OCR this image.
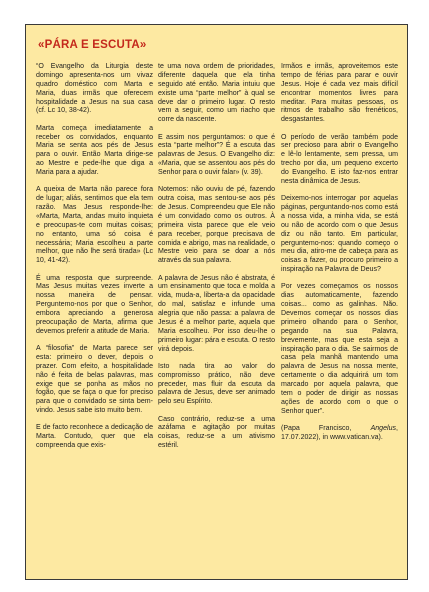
«PÁRA E ESCUTA»

“O Evangelho da Liturgia deste domingo apresenta-nos um vivaz quadro doméstico com Marta e Maria, duas irmãs que oferecem hospitalidade a Jesus na sua casa (cf. Lc 10, 38-42).

Marta começa imediatamente a receber os convidados, enquanto Maria se senta aos pés de Jesus para o ouvir. Então Marta dirige-se ao Mestre e pede-lhe que diga a Maria para a ajudar.

A queixa de Marta não parece fora de lugar; aliás, sentimos que ela tem razão. Mas Jesus responde-lhe: «Marta, Marta, andas muito inquieta e preocupas-te com muitas coisas; no entanto, uma só coisa é necessária; Maria escolheu a parte melhor, que não lhe será tirada» (Lc 10, 41-42).

É uma resposta que surpreende. Mas Jesus muitas vezes inverte a nossa maneira de pensar. Perguntemo-nos por que o Senhor, embora apreciando a generosa preocupação de Marta, afirma que devemos preferir a atitude de Maria.

A “filosofia” de Marta parece ser esta: primeiro o dever, depois o prazer. Com efeito, a hospitalidade não é feita de belas palavras, mas exige que se ponha as mãos no fogão, que se faça o que for preciso para que o convidado se sinta bem-vindo. Jesus sabe isto muito bem.

E de facto reconhece a dedicação de Marta. Contudo, quer que ela compreenda que exis-

te uma nova ordem de prioridades, diferente daquela que ela tinha seguido até então. Maria intuiu que existe uma “parte melhor” à qual se deve dar o primeiro lugar. O resto vem a seguir, como um riacho que corre da nascente.

E assim nos perguntamos: o que é esta “parte melhor”? É a escuta das palavras de Jesus. O Evangelho diz: «Maria, que se assentou aos pés do Senhor para o ouvir falar» (v. 39).

Notemos: não ouviu de pé, fazendo outra coisa, mas sentou-se aos pés de Jesus. Compreendeu que Ele não é um convidado como os outros. À primeira vista parece que ele veio para receber, porque precisava de comida e abrigo, mas na realidade, o Mestre veio para se doar a nós através da sua palavra.

A palavra de Jesus não é abstrata, é um ensinamento que toca e molda a vida, muda-a, liberta-a da opacidade do mal, satisfaz e infunde uma alegria que não passa: a palavra de Jesus é a melhor parte, aquela que Maria escolheu. Por isso deu-lhe o primeiro lugar: pára e escuta. O resto virá depois.

Isto nada tira ao valor do compromisso prático, não deve preceder, mas fluir da escuta da palavra de Jesus, deve ser animado pelo seu Espírito.

Caso contrário, reduz-se a uma azáfama e agitação por muitas coisas, reduz-se a um ativismo estéril.

Irmãos e irmãs, aproveitemos este tempo de férias para parar e ouvir Jesus. Hoje é cada vez mais difícil encontrar momentos livres para meditar. Para muitas pessoas, os ritmos de trabalho são frenéticos, desgastantes.

O período de verão também pode ser precioso para abrir o Evangelho e lê-lo lentamente, sem pressa, um trecho por dia, um pequeno excerto do Evangelho. E isto faz-nos entrar nesta dinâmica de Jesus.

Deixemo-nos interrogar por aquelas páginas, perguntando-nos como está a nossa vida, a minha vida, se está ou não de acordo com o que Jesus diz ou não tanto. Em particular, perguntemo-nos: quando começo o meu dia, atiro-me de cabeça para as coisas a fazer, ou procuro primeiro a inspiração na Palavra de Deus?

Por vezes começamos os nossos dias automaticamente, fazendo coisas... como as galinhas. Não. Devemos começar os nossos dias primeiro olhando para o Senhor, pegando na sua Palavra, brevemente, mas que esta seja a inspiração para o dia. Se sairmos de casa pela manhã mantendo uma palavra de Jesus na nossa mente, certamente o dia adquirirá um tom marcado por aquela palavra, que tem o poder de dirigir as nossas ações de acordo com o que o Senhor quer”.

(Papa Francisco, Angelus, 17.07.2022), in www.vatican.va).
